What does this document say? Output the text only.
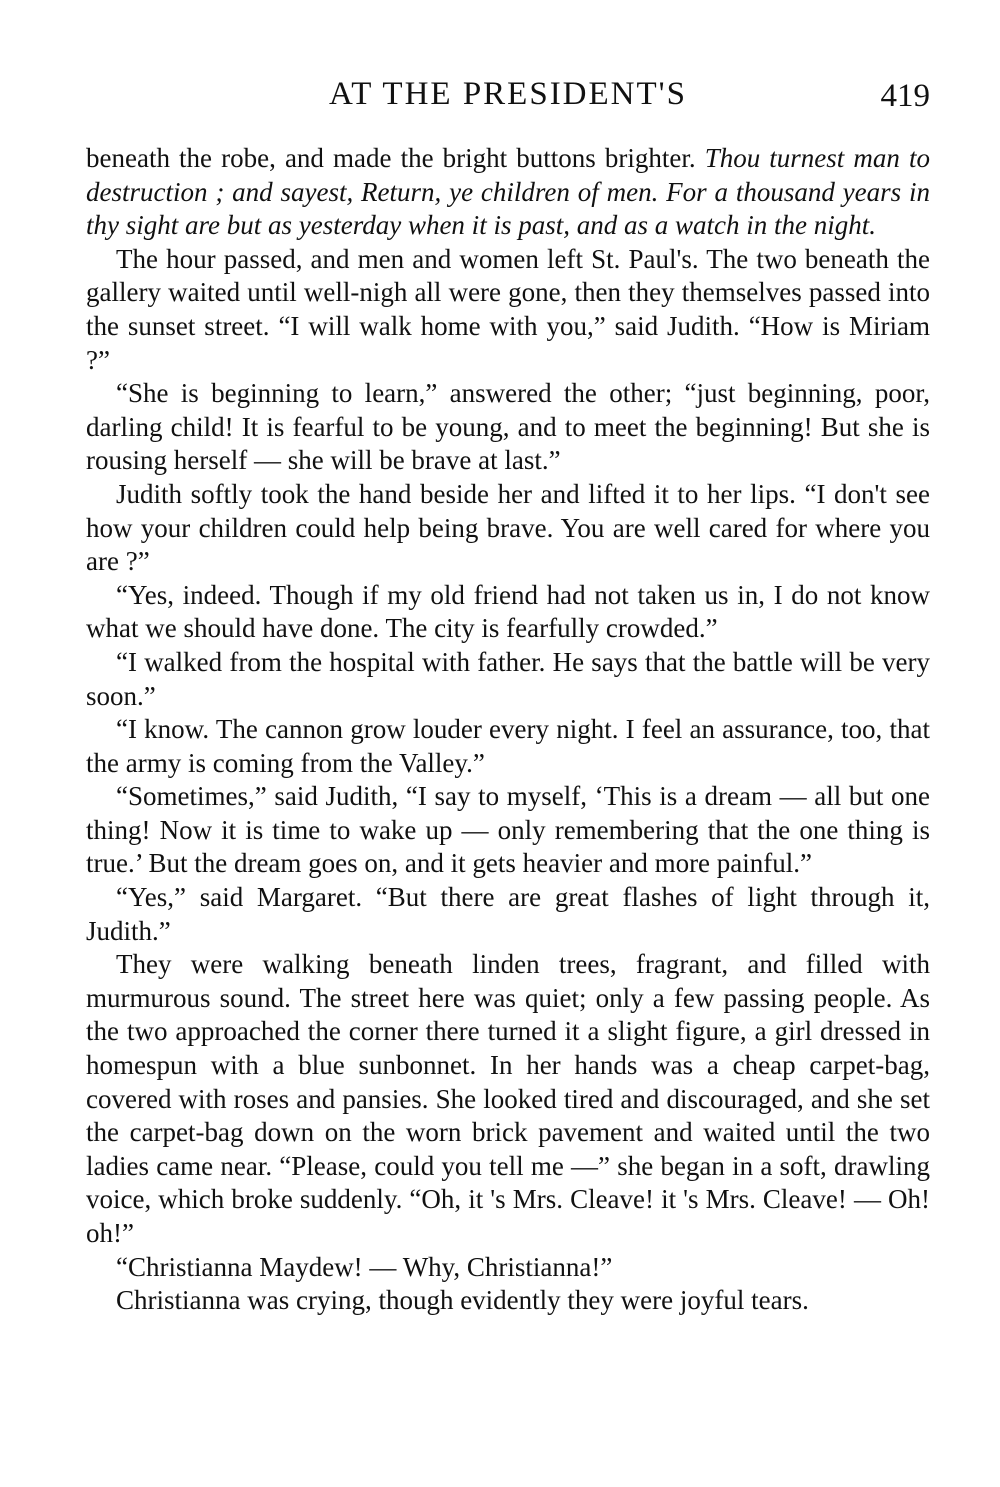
AT THE PRESIDENT'S	419

beneath the robe, and made the bright buttons brighter. Thou turnest man to destruction ; and sayest, Return, ye children of men. For a thousand years in thy sight are but as yesterday when it is past, and as a watch in the night.

The hour passed, and men and women left St. Paul's. The two beneath the gallery waited until well-nigh all were gone, then they themselves passed into the sunset street. “I will walk home with you,” said Judith. “How is Miriam ?”

“She is beginning to learn,” answered the other; “just beginning, poor, darling child! It is fearful to be young, and to meet the beginning! But she is rousing herself — she will be brave at last.”

Judith softly took the hand beside her and lifted it to her lips. “I don't see how your children could help being brave. You are well cared for where you are ?”

“Yes, indeed. Though if my old friend had not taken us in, I do not know what we should have done. The city is fearfully crowded.”

“I walked from the hospital with father. He says that the battle will be very soon.”

“I know. The cannon grow louder every night. I feel an assurance, too, that the army is coming from the Valley.”

“Sometimes,” said Judith, “I say to myself, ‘This is a dream — all but one thing! Now it is time to wake up — only remembering that the one thing is true.’ But the dream goes on, and it gets heavier and more painful.”

“Yes,” said Margaret. “But there are great flashes of light through it, Judith.”

They were walking beneath linden trees, fragrant, and filled with murmurous sound. The street here was quiet; only a few passing people. As the two approached the corner there turned it a slight figure, a girl dressed in homespun with a blue sunbonnet. In her hands was a cheap carpet-bag, covered with roses and pansies. She looked tired and discouraged, and she set the carpet-bag down on the worn brick pavement and waited until the two ladies came near. “Please, could you tell me —” she began in a soft, drawling voice, which broke suddenly. “Oh, it 's Mrs. Cleave! it 's Mrs. Cleave! — Oh! oh!”

“Christianna Maydew! — Why, Christianna!”

Christianna was crying, though evidently they were joyful tears.
